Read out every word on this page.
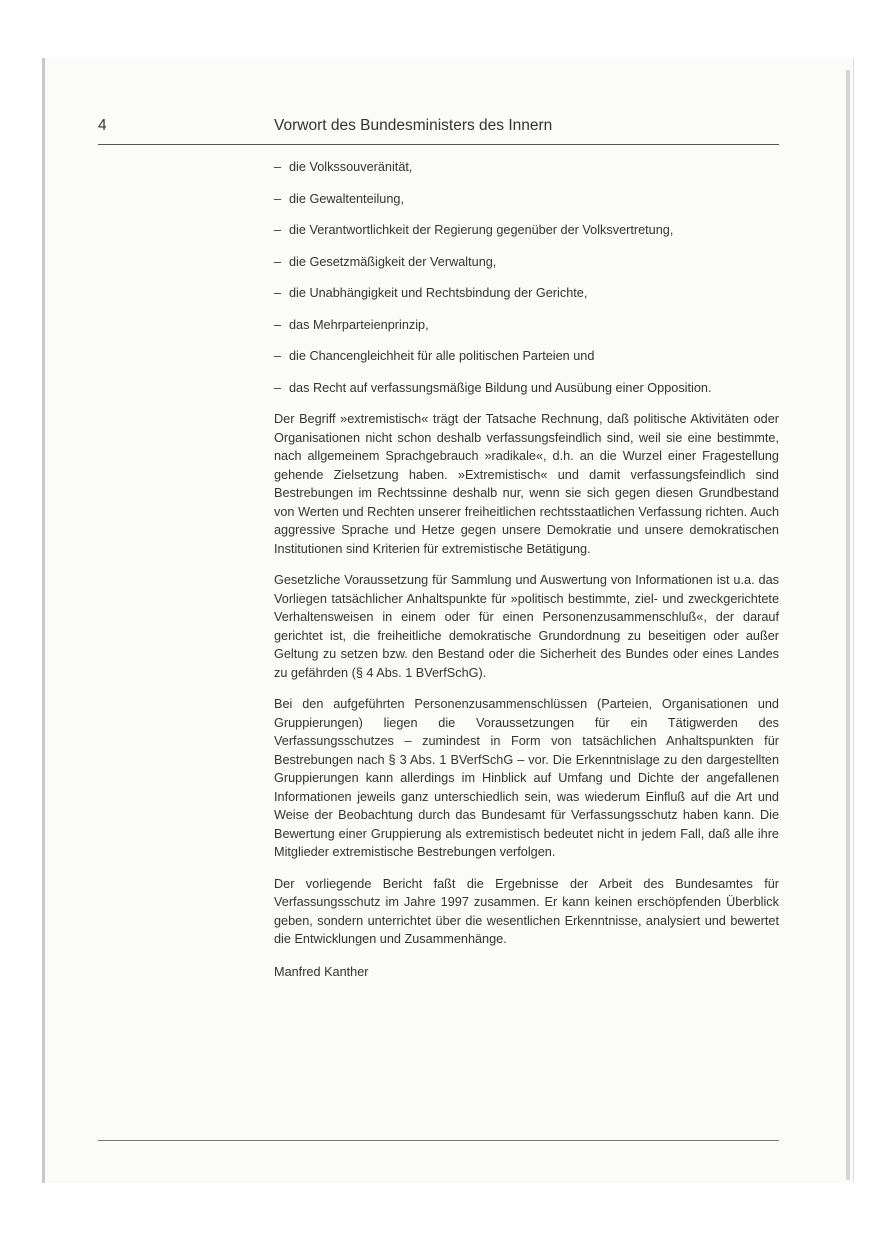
4	Vorwort des Bundesministers des Innern
– die Volkssouveränität,
– die Gewaltenteilung,
– die Verantwortlichkeit der Regierung gegenüber der Volksvertretung,
– die Gesetzmäßigkeit der Verwaltung,
– die Unabhängigkeit und Rechtsbindung der Gerichte,
– das Mehrparteienprinzip,
– die Chancengleichheit für alle politischen Parteien und
– das Recht auf verfassungsmäßige Bildung und Ausübung einer Opposition.

Der Begriff »extremistisch« trägt der Tatsache Rechnung, daß politische Aktivitäten oder Organisationen nicht schon deshalb verfassungsfeindlich sind, weil sie eine bestimmte, nach allgemeinem Sprachgebrauch »radikale«, d.h. an die Wurzel einer Fragestellung gehende Zielsetzung haben. »Extremistisch« und damit verfassungsfeindlich sind Bestrebungen im Rechtssinne deshalb nur, wenn sie sich gegen diesen Grundbestand von Werten und Rechten unserer freiheitlichen rechtsstaatlichen Verfassung richten. Auch aggressive Sprache und Hetze gegen unsere Demokratie und unsere demokratischen Institutionen sind Kriterien für extremistische Betätigung.

Gesetzliche Voraussetzung für Sammlung und Auswertung von Informationen ist u.a. das Vorliegen tatsächlicher Anhaltspunkte für »politisch bestimmte, ziel- und zweckgerichtete Verhaltensweisen in einem oder für einen Personenzusammenschluß«, der darauf gerichtet ist, die freiheitliche demokratische Grundordnung zu beseitigen oder außer Geltung zu setzen bzw. den Bestand oder die Sicherheit des Bundes oder eines Landes zu gefährden (§ 4 Abs. 1 BVerfSchG).

Bei den aufgeführten Personenzusammenschlüssen (Parteien, Organisationen und Gruppierungen) liegen die Voraussetzungen für ein Tätigwerden des Verfassungsschutzes – zumindest in Form von tatsächlichen Anhaltspunkten für Bestrebungen nach § 3 Abs. 1 BVerfSchG – vor. Die Erkenntnislage zu den dargestellten Gruppierungen kann allerdings im Hinblick auf Umfang und Dichte der angefallenen Informationen jeweils ganz unterschiedlich sein, was wiederum Einfluß auf die Art und Weise der Beobachtung durch das Bundesamt für Verfassungsschutz haben kann. Die Bewertung einer Gruppierung als extremistisch bedeutet nicht in jedem Fall, daß alle ihre Mitglieder extremistische Bestrebungen verfolgen.

Der vorliegende Bericht faßt die Ergebnisse der Arbeit des Bundesamtes für Verfassungsschutz im Jahre 1997 zusammen. Er kann keinen erschöpfenden Überblick geben, sondern unterrichtet über die wesentlichen Erkenntnisse, analysiert und bewertet die Entwicklungen und Zusammenhänge.

Manfred Kanther
